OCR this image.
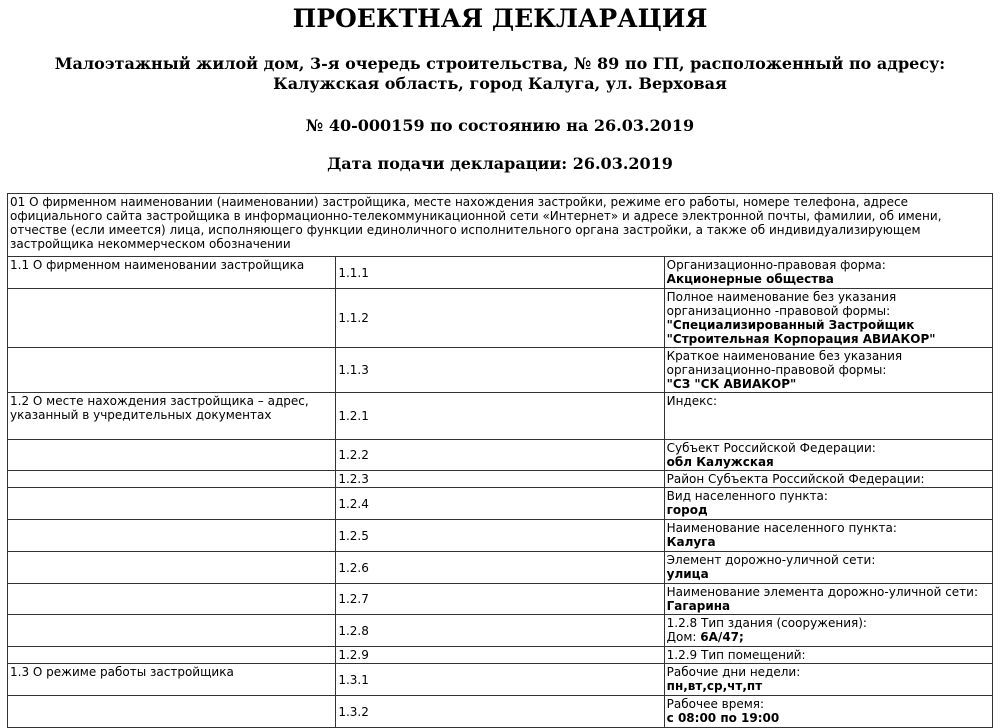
ПРОЕКТНАЯ ДЕКЛАРАЦИЯ
Малоэтажный жилой дом, 3-я очередь строительства, № 89 по ГП, расположенный по адресу:
Калужская область, город Калуга, ул. Верховая
№ 40-000159 по состоянию на 26.03.2019
Дата подачи декларации: 26.03.2019
01 О фирменном наименовании (наименовании) застройщика, месте нахождения застройки, режиме его работы, номере телефона, адресе официального сайта застройщика в информационно-телекоммуникационной сети «Интернет» и адресе электронной почты, фамилии, об имени, отчестве (если имеется) лица, исполняющего функции единоличного исполнительного органа застройки, а также об индивидуализирующем застройщика некоммерческом обозначении		
1.1 О фирменном наименовании застройщика	1.1.1	Организационно-правовая форма:
Акционерные общества

	1.1.2	Полное наименование без указания организационно -правовой формы:
"Специализированный Застройщик "Строительная Корпорация АВИАКОР"

	1.1.3	Краткое наименование без указания организационно-правовой формы:
"СЗ "СК АВИАКОР"

1.2 О месте нахождения застройщика – адрес, указанный в учредительных документах	1.2.1	Индекс:

	1.2.2	Субъект Российской Федерации:
обл Калужская

	1.2.3	Район Субъекта Российской Федерации:

	1.2.4	Вид населенного пункта:
город

	1.2.5	Наименование населенного пункта:
Калуга

	1.2.6	Элемент дорожно-уличной сети:
улица

	1.2.7	Наименование элемента дорожно-уличной сети:
Гагарина

	1.2.8	1.2.8 Тип здания (сооружения):
Дом: 6А/47;

	1.2.9	1.2.9 Тип помещений:

1.3 О режиме работы застройщика	1.3.1	Рабочие дни недели:
пн,вт,ср,чт,пт

	1.3.2	Рабочее время:
с 08:00 по 19:00
